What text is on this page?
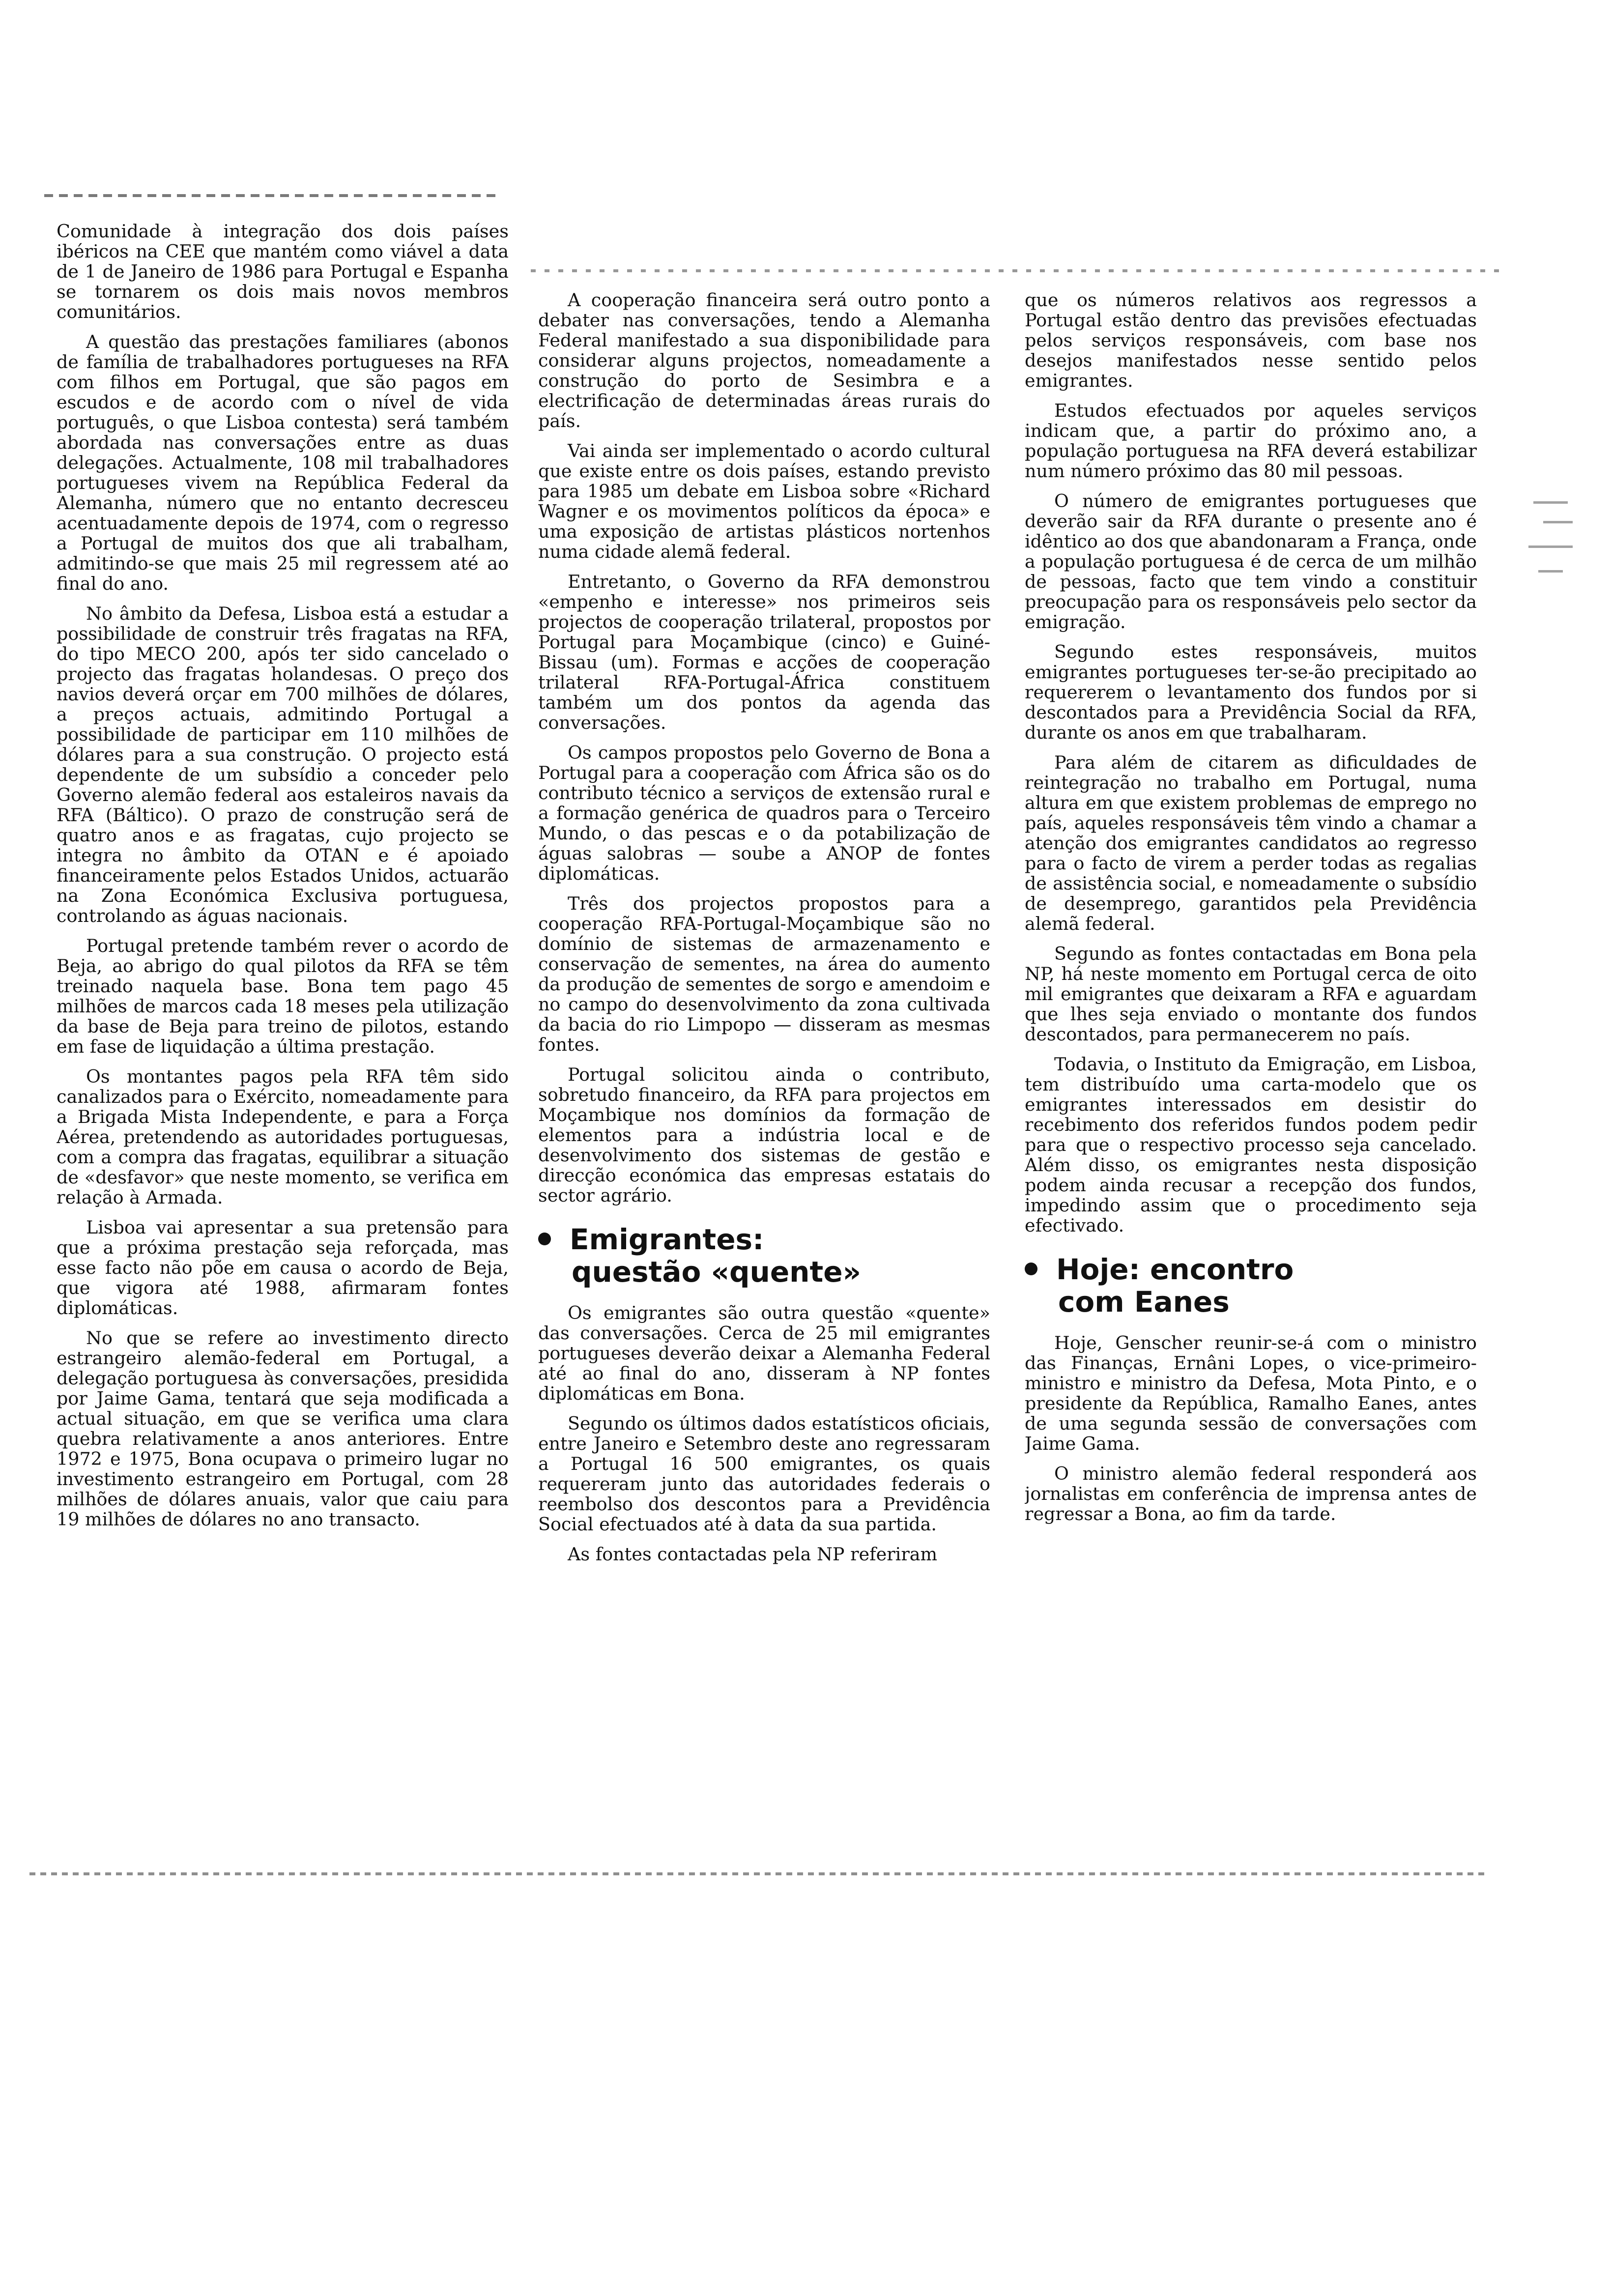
Comunidade à integração dos dois países ibéricos na CEE que mantém como viável a data de 1 de Janeiro de 1986 para Portugal e Espanha se tornarem os dois mais novos membros comunitários.

A questão das prestações familiares (abonos de família de trabalhadores portugueses na RFA com filhos em Portugal, que são pagos em escudos e de acordo com o nível de vida português, o que Lisboa contesta) será também abordada nas conversações entre as duas delegações. Actualmente, 108 mil trabalhadores portugueses vivem na República Federal da Alemanha, número que no entanto decresceu acentuadamente depois de 1974, com o regresso a Portugal de muitos dos que ali trabalham, admitindo-se que mais 25 mil regressem até ao final do ano.

No âmbito da Defesa, Lisboa está a estudar a possibilidade de construir três fragatas na RFA, do tipo MECO 200, após ter sido cancelado o projecto das fragatas holandesas. O preço dos navios deverá orçar em 700 milhões de dólares, a preços actuais, admitindo Portugal a possibilidade de participar em 110 milhões de dólares para a sua construção. O projecto está dependente de um subsídio a conceder pelo Governo alemão federal aos estaleiros navais da RFA (Báltico). O prazo de construção será de quatro anos e as fragatas, cujo projecto se integra no âmbito da OTAN e é apoiado financeiramente pelos Estados Unidos, actuarão na Zona Económica Exclusiva portuguesa, controlando as águas nacionais.

Portugal pretende também rever o acordo de Beja, ao abrigo do qual pilotos da RFA se têm treinado naquela base. Bona tem pago 45 milhões de marcos cada 18 meses pela utilização da base de Beja para treino de pilotos, estando em fase de liquidação a última prestação.

Os montantes pagos pela RFA têm sido canalizados para o Exército, nomeadamente para a Brigada Mista Independente, e para a Força Aérea, pretendendo as autoridades portuguesas, com a compra das fragatas, equilibrar a situação de «desfavor» que neste momento, se verifica em relação à Armada.

Lisboa vai apresentar a sua pretensão para que a próxima prestação seja reforçada, mas esse facto não põe em causa o acordo de Beja, que vigora até 1988, afirmaram fontes diplomáticas.

No que se refere ao investimento directo estrangeiro alemão-federal em Portugal, a delegação portuguesa às conversações, presidida por Jaime Gama, tentará que seja modificada a actual situação, em que se verifica uma clara quebra relativamente a anos anteriores. Entre 1972 e 1975, Bona ocupava o primeiro lugar no investimento estrangeiro em Portugal, com 28 milhões de dólares anuais, valor que caiu para 19 milhões de dólares no ano transacto.

A cooperação financeira será outro ponto a debater nas conversações, tendo a Alemanha Federal manifestado a sua disponibilidade para considerar alguns projectos, nomeadamente a construção do porto de Sesimbra e a electrificação de determinadas áreas rurais do país.

Vai ainda ser implementado o acordo cultural que existe entre os dois países, estando previsto para 1985 um debate em Lisboa sobre «Richard Wagner e os movimentos políticos da época» e uma exposição de artistas plásticos nortenhos numa cidade alemã federal.

Entretanto, o Governo da RFA demonstrou «empenho e interesse» nos primeiros seis projectos de cooperação trilateral, propostos por Portugal para Moçambique (cinco) e Guiné-Bissau (um). Formas e acções de cooperação trilateral RFA-Portugal-África constituem também um dos pontos da agenda das conversações.

Os campos propostos pelo Governo de Bona a Portugal para a cooperação com África são os do contributo técnico a serviços de extensão rural e a formação genérica de quadros para o Terceiro Mundo, o das pescas e o da potabilização de águas salobras — soube a ANOP de fontes diplomáticas.

Três dos projectos propostos para a cooperação RFA-Portugal-Moçambique são no domínio de sistemas de armazenamento e conservação de sementes, na área do aumento da produção de sementes de sorgo e amendoim e no campo do desenvolvimento da zona cultivada da bacia do rio Limpopo — disseram as mesmas fontes.

Portugal solicitou ainda o contributo, sobretudo financeiro, da RFA para projectos em Moçambique nos domínios da formação de elementos para a indústria local e de desenvolvimento dos sistemas de gestão e direcção económica das empresas estatais do sector agrário.

Emigrantes:
questão «quente»

Os emigrantes são outra questão «quente» das conversações. Cerca de 25 mil emigrantes portugueses deverão deixar a Alemanha Federal até ao final do ano, disseram à NP fontes diplomáticas em Bona.

Segundo os últimos dados estatísticos oficiais, entre Janeiro e Setembro deste ano regressaram a Portugal 16 500 emigrantes, os quais requereram junto das autoridades federais o reembolso dos descontos para a Previdência Social efectuados até à data da sua partida.

As fontes contactadas pela NP referiram

que os números relativos aos regressos a Portugal estão dentro das previsões efectuadas pelos serviços responsáveis, com base nos desejos manifestados nesse sentido pelos emigrantes.

Estudos efectuados por aqueles serviços indicam que, a partir do próximo ano, a população portuguesa na RFA deverá estabilizar num número próximo das 80 mil pessoas.

O número de emigrantes portugueses que deverão sair da RFA durante o presente ano é idêntico ao dos que abandonaram a França, onde a população portuguesa é de cerca de um milhão de pessoas, facto que tem vindo a constituir preocupação para os responsáveis pelo sector da emigração.

Segundo estes responsáveis, muitos emigrantes portugueses ter-se-ão precipitado ao requererem o levantamento dos fundos por si descontados para a Previdência Social da RFA, durante os anos em que trabalharam.

Para além de citarem as dificuldades de reintegração no trabalho em Portugal, numa altura em que existem problemas de emprego no país, aqueles responsáveis têm vindo a chamar a atenção dos emigrantes candidatos ao regresso para o facto de virem a perder todas as regalias de assistência social, e nomeadamente o subsídio de desemprego, garantidos pela Previdência alemã federal.

Segundo as fontes contactadas em Bona pela NP, há neste momento em Portugal cerca de oito mil emigrantes que deixaram a RFA e aguardam que lhes seja enviado o montante dos fundos descontados, para permanecerem no país.

Todavia, o Instituto da Emigração, em Lisboa, tem distribuído uma carta-modelo que os emigrantes interessados em desistir do recebimento dos referidos fundos podem pedir para que o respectivo processo seja cancelado. Além disso, os emigrantes nesta disposição podem ainda recusar a recepção dos fundos, impedindo assim que o procedimento seja efectivado.

Hoje: encontro
com Eanes

Hoje, Genscher reunir-se-á com o ministro das Finanças, Ernâni Lopes, o vice-primeiro-ministro e ministro da Defesa, Mota Pinto, e o presidente da República, Ramalho Eanes, antes de uma segunda sessão de conversações com Jaime Gama.

O ministro alemão federal responderá aos jornalistas em conferência de imprensa antes de regressar a Bona, ao fim da tarde.
